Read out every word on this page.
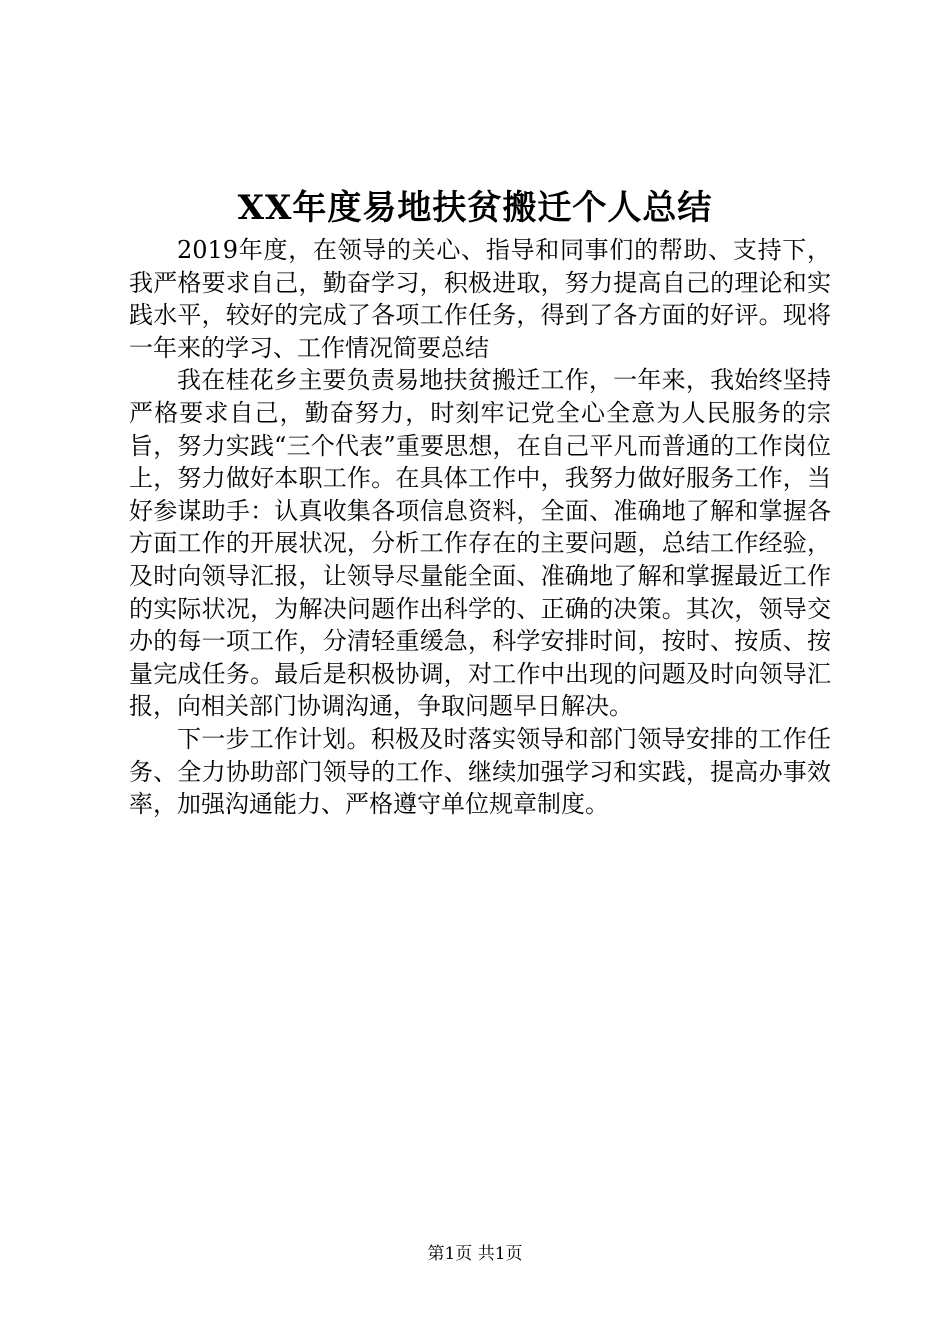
XX年度易地扶贫搬迁个人总结

2019年度，在领导的关心、指导和同事们的帮助、支持下，我严格要求自己，勤奋学习，积极进取，努力提高自己的理论和实践水平，较好的完成了各项工作任务，得到了各方面的好评。现将一年来的学习、工作情况简要总结

我在桂花乡主要负责易地扶贫搬迁工作，一年来，我始终坚持严格要求自己，勤奋努力，时刻牢记党全心全意为人民服务的宗旨，努力实践“三个代表”重要思想，在自己平凡而普通的工作岗位上，努力做好本职工作。在具体工作中，我努力做好服务工作，当好参谋助手：认真收集各项信息资料，全面、准确地了解和掌握各方面工作的开展状况，分析工作存在的主要问题，总结工作经验，及时向领导汇报，让领导尽量能全面、准确地了解和掌握最近工作的实际状况，为解决问题作出科学的、正确的决策。其次，领导交办的每一项工作，分清轻重缓急，科学安排时间，按时、按质、按量完成任务。最后是积极协调，对工作中出现的问题及时向领导汇报，向相关部门协调沟通，争取问题早日解决。

下一步工作计划。积极及时落实领导和部门领导安排的工作任务、全力协助部门领导的工作、继续加强学习和实践，提高办事效率，加强沟通能力、严格遵守单位规章制度。

第1页 共1页
